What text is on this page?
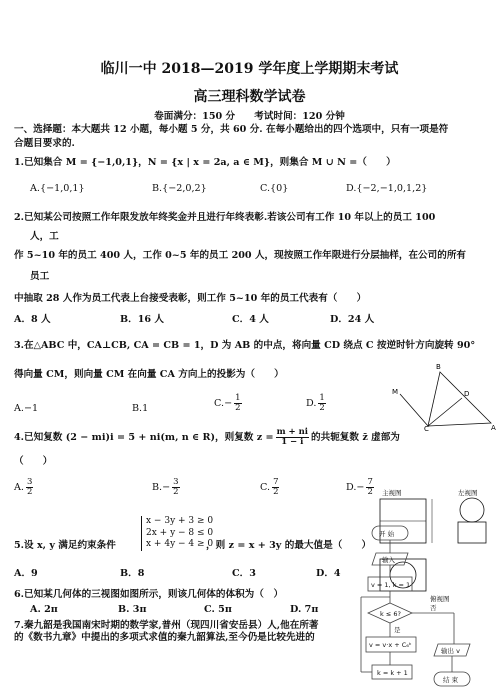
临川一中 2018—2019 学年度上学期期末考试
高三理科数学试卷
卷面满分：150 分　　考试时间：120 分钟
一、选择题：本大题共 12 小题，每小题 5 分，共 60 分. 在每小题给出的四个选项中，只有一项是符
合题目要求的.
1.已知集合 M = {−1,0,1}，N = {x | x = 2a, a ∈ M}，则集合 M ∪ N =（　　）
A.{−1,0,1}	B.{−2,0,2}	C.{0}	D.{−2,−1,0,1,2}
2.已知某公司按照工作年限发放年终奖金并且进行年终表彰.若该公司有工作 10 年以上的员工 100
人，工
作 5~10 年的员工 400 人，工作 0~5 年的员工 200 人，现按照工作年限进行分层抽样，在公司的所有
员工
中抽取 28 人作为员工代表上台接受表彰，则工作 5~10 年的员工代表有（　　）
A．8 人	B．16 人	C．4 人	D．24 人
3.在△ABC 中，CA⊥CB, CA = CB = 1，D 为 AB 的中点，将向量 CD 绕点 C 按逆时针方向旋转 90°
得向量 CM，则向量 CM 在向量 CA 方向上的投影为（　　）
A.−1	B.1	$C.- \frac{1}{2}$	D. $\frac{1}{2}$
B
D
M
C	A
4.已知复数 (2 − mi)i = 5 + ni(m, n ∈ R)，则复数 $z = \frac{m + ni}{1 - i}$ 的共轭复数 z̄ 虚部为
（　　）
A. $\frac{3}{2}$	$B.- \frac{3}{2}$	C. $\frac{7}{2}$	$D.- \frac{7}{2}$
5.设 x, y 满足约束条件
x − 3y + 3 ≥ 0
2x + y − 8 ≤ 0
x + 4y − 4 ≥ 0
，则 z = x + 3y 的最大值是（　　）
A．9	B．8	C．3	D．4
6.已知某几何体的三视图如图所示，则该几何体的体积为（　）
A. 2π	B. 3π	C. 5π	D. 7π
7.秦九韶是我国南宋时期的数学家,普州（现四川省安岳县）人,他在所著
的《数书九章》中提出的多项式求值的秦九韶算法,至今仍是比较先进的
主视图	左视图
俯视图
开 始
输入
v = 1, k = 1
k ≤ 6?
是
否
v = v·x + C₆ᵏ
输出 v
k = k + 1
结 束
